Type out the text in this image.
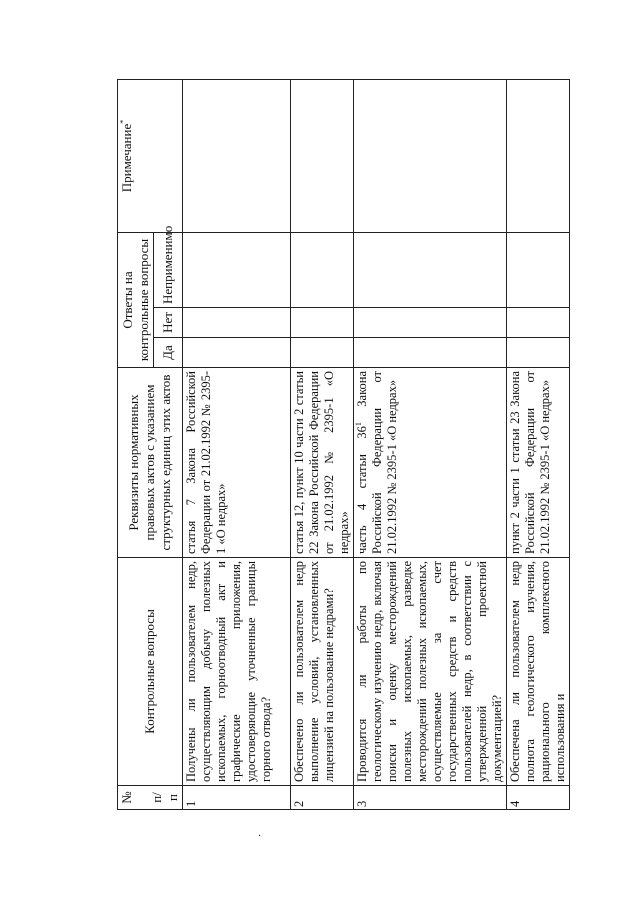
№ п/п	Контрольные вопросы	Реквизиты нормативных правовых актов с указанием структурных единиц этих актов	Ответы на контрольные вопросы			Примечание*
			Да	Нет	Неприменимо	

1	Получены ли пользователем недр, осуществляющим добычу полезных ископаемых, горноотводный акт и графические приложения, удостоверяющие уточненные границы горного отвода?	статья 7 Закона Российской Федерации от 21.02.1992 № 2395-1 «О недрах»				
2	Обеспечено ли пользователем недр выполнение условий, установленных лицензией на пользование недрами?	статья 12, пункт 10 части 2 статьи 22 Закона Российской Федерации от 21.02.1992 № 2395-1 «О недрах»				
3	Проводится ли работы по геологическому изучению недр, включая поиски и оценку месторождений полезных ископаемых, разведке месторождений полезных ископаемых, осуществляемые за счет государственных средств и средств пользователей недр, в соответствии с утвержденной проектной документацией?	часть 4 статьи $36^1$ Закона Российской Федерации от 21.02.1992 № 2395-1 «О недрах»				
4	Обеспечена ли пользователем недр полнота геологического изучения, рационального комплексного использования и	пункт 2 части 1 статьи 23 Закона Российской Федерации от 21.02.1992 № 2395-1 «О недрах»				
·
